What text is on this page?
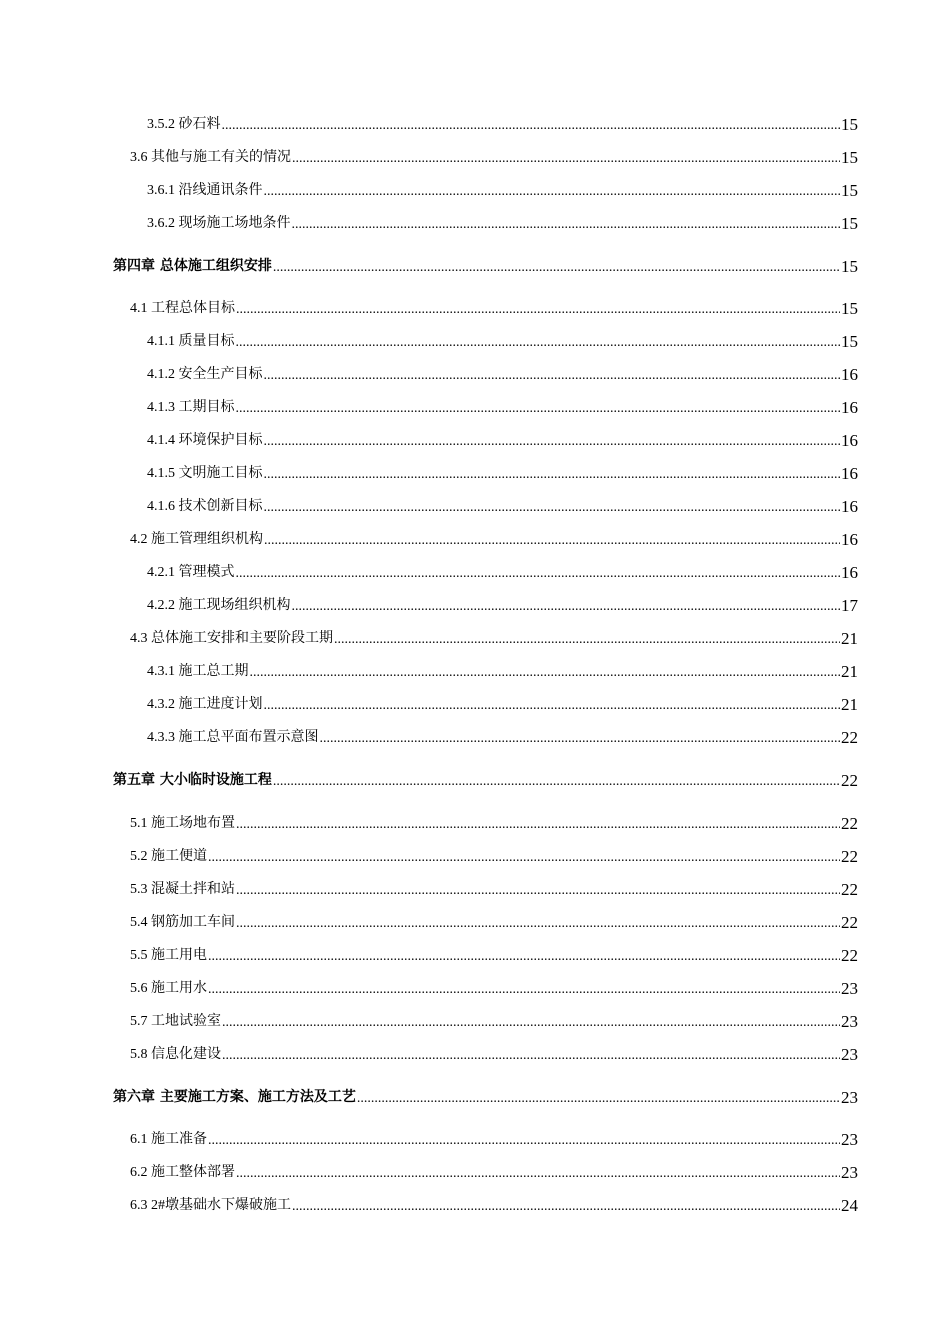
3.5.2 砂石料 .....	15
3.6 其他与施工有关的情况 .....	15
3.6.1 沿线通讯条件 .....	15
3.6.2 现场施工场地条件 .....	15
第四章 总体施工组织安排 .....	15
4.1 工程总体目标 .....	15
4.1.1 质量目标 .....	15
4.1.2 安全生产目标 .....	16
4.1.3 工期目标 .....	16
4.1.4 环境保护目标 .....	16
4.1.5 文明施工目标 .....	16
4.1.6 技术创新目标 .....	16
4.2 施工管理组织机构 .....	16
4.2.1 管理模式 .....	16
4.2.2 施工现场组织机构 .....	17
4.3 总体施工安排和主要阶段工期 .....	21
4.3.1 施工总工期 .....	21
4.3.2 施工进度计划 .....	21
4.3.3 施工总平面布置示意图 .....	22
第五章 大小临时设施工程 .....	22
5.1 施工场地布置 .....	22
5.2 施工便道 .....	22
5.3 混凝土拌和站 .....	22
5.4 钢筋加工车间 .....	22
5.5 施工用电 .....	22
5.6 施工用水 .....	23
5.7 工地试验室 .....	23
5.8 信息化建设 .....	23
第六章 主要施工方案、施工方法及工艺 .....	23
6.1 施工准备 .....	23
6.2 施工整体部署 .....	23
6.3 2#墩基础水下爆破施工 .....	24
